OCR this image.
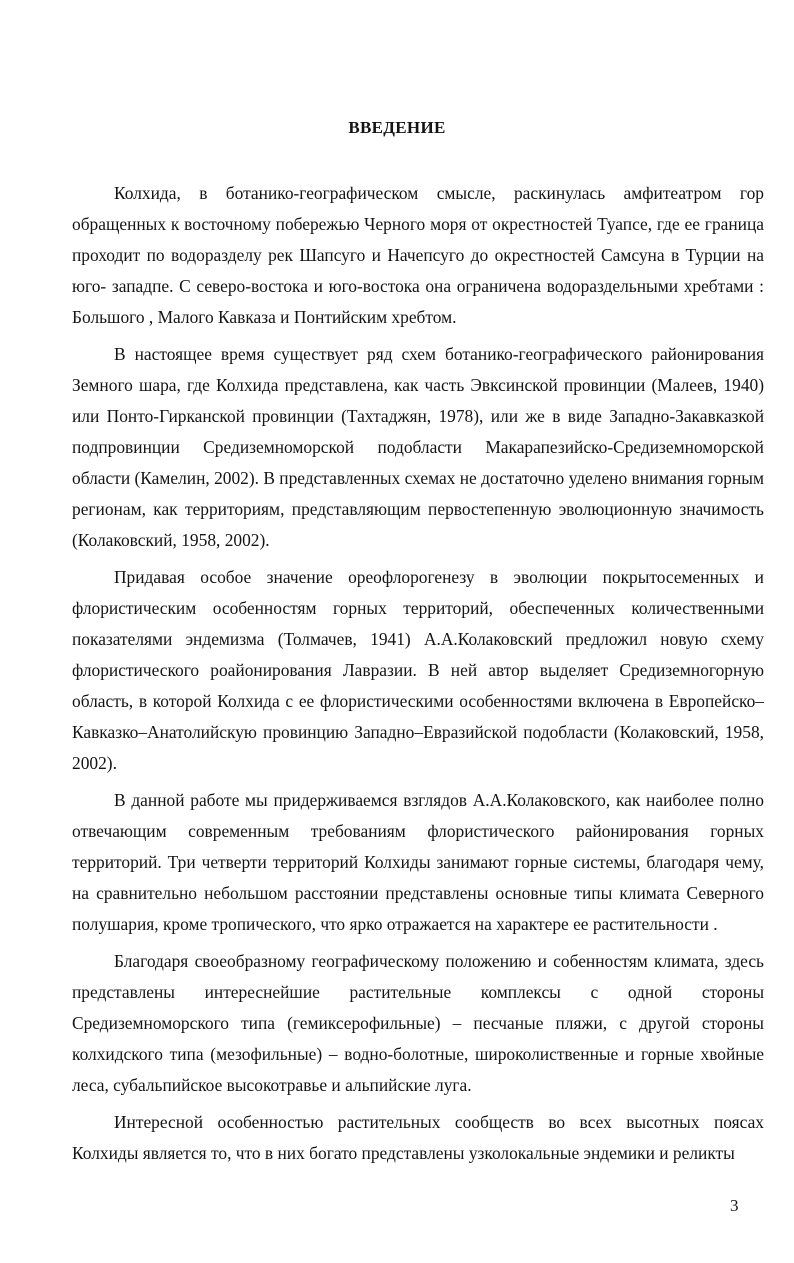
ВВЕДЕНИЕ

Колхида, в ботанико-географическом смысле, раскинулась амфитеатром гор обращенных к восточному побережью Черного моря от окрестностей Туапсе, где ее граница проходит по водоразделу рек Шапсуго и Начепсуго до окрестностей Самсуна в Турции на юго- западпе. С северо-востока и юго-востока она ограничена водораздельными хребтами : Большого , Малого Кавказа и Понтийским хребтом.

В настоящее время существует ряд схем ботанико-географического районирования Земного шара, где Колхида представлена, как часть Эвксинской провинции (Малеев, 1940) или Понто-Гирканской провинции (Тахтаджян, 1978), или же в виде Западно-Закавказкой подпровинции Средиземноморской подобласти Макарапезийско-Средиземноморской области (Камелин, 2002). В представленных схемах не достаточно уделено внимания горным регионам, как территориям, представляющим первостепенную эволюционную значимость (Колаковский, 1958, 2002).

Придавая особое значение ореофлорогенезу в эволюции покрытосеменных и флористическим особенностям горных территорий, обеспеченных количественными показателями эндемизма (Толмачев, 1941) А.А.Колаковский предложил новую схему флористического роайонирования Лавразии. В ней автор выделяет Средиземногорную область, в которой Колхида с ее флористическими особенностями включена в Европейско–Кавказко–Анатолийскую провинцию Западно–Евразийской подобласти (Колаковский, 1958, 2002).

В данной работе мы придерживаемся взглядов А.А.Колаковского, как наиболее полно отвечающим современным требованиям флористического районирования горных территорий. Три четверти территорий Колхиды занимают горные системы, благодаря чему, на сравнительно небольшом расстоянии представлены основные типы климата Северного полушария, кроме тропического, что ярко отражается на характере ее растительности .

Благодаря своеобразному географическому положению и собенностям климата, здесь представлены интереснейшие растительные комплексы с одной стороны Средиземноморского типа (гемиксерофильные) – песчаные пляжи, с другой стороны колхидского типа (мезофильные) – водно-болотные, широколиственные и горные хвойные леса, субальпийское высокотравье и альпийские луга.

Интересной особенностью растительных сообществ во всех высотных поясах Колхиды является то, что в них богато представлены узколокальные эндемики и реликты

3
